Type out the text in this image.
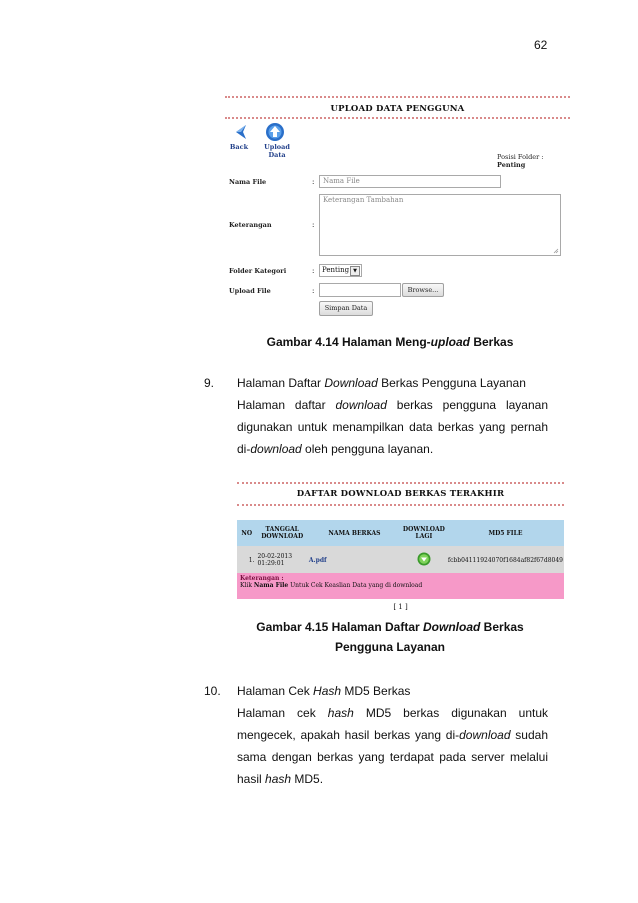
62
UPLOAD DATA PENGGUNA
Back	Upload Data	Posisi Folder : Penting
Nama File	:	Nama File
Keterangan	:
Keterangan Tambahan
Folder Kategori	:	Penting ▼
Upload File	:	Browse...
Simpan Data
Gambar 4.14 Halaman Meng-upload Berkas
9. Halaman Daftar Download Berkas Pengguna Layanan
Halaman daftar download berkas pengguna layanan
digunakan untuk menampilkan data berkas yang pernah
di-download oleh pengguna layanan.
DAFTAR DOWNLOAD BERKAS TERAKHIR
NO	TANGGAL DOWNLOAD	NAMA BERKAS	DOWNLOAD LAGI	MD5 FILE
1.	20-02-2013 01:29:01	A.pdf		fcbb04111924070f1684af82f67d8049
Keterangan :
Klik Nama File Untuk Cek Keaslian Data yang di download
[ 1 ]
Gambar 4.15 Halaman Daftar Download Berkas
Pengguna Layanan
10. Halaman Cek Hash MD5 Berkas
Halaman cek hash MD5 berkas digunakan untuk
mengecek, apakah hasil berkas yang di-download sudah
sama dengan berkas yang terdapat pada server melalui
hasil hash MD5.
